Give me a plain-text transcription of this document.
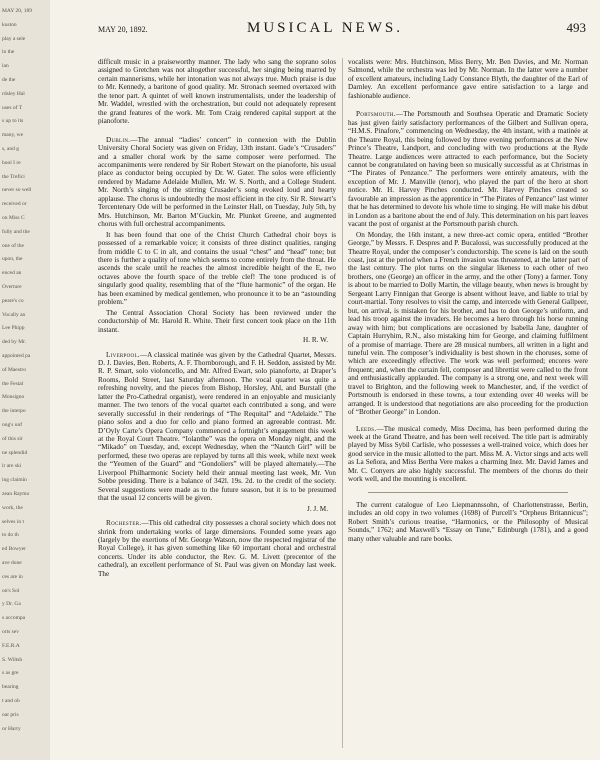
MAY 20, 189
kuston
play a sele
in the
ian
de the
rdsley Hal
uses of T
s up to its
many, we
s, and g
hool I re
the Trefici
never so well
received or
on Miss C
fully and the
one of the
upon, the
enced an
Overture
peare's co
Vocally an
Lee Phipp
ded by Mr.
appointed pa
of Maestro
the Festal
Monsigno
the interpo
ong's unf
of this sir
ne splendid
ir are ski
ing claimin
zean Raymo
work, the
selves in t
to do th
ed Bowyer
ave done
ces are in
on's Sol
y Dr. Ga
s accompa
orts sev
F.E.R.A
S. Wiltsh
s as gre
bearing
t and ob
oar pris
or Harry
MAY 20, 1892.	MUSICAL NEWS.	493

difficult music in a praiseworthy manner. The lady who sang the soprano solos assigned to Gretchen was not altogether successful, her singing being marred by certain mannerisms, while her intonation was not always true. Much praise is due to Mr. Kennedy, a baritone of good quality. Mr. Stronach seemed overtaxed with the tenor part. A quintet of well known instrumentalists, under the leadership of Mr. Waddel, wrestled with the orchestration, but could not adequately represent the grand features of the work. Mr. Tom Craig rendered capital support at the pianoforte.

Dublin.—The annual “ladies’ concert” in connexion with the Dublin University Choral Society was given on Friday, 13th instant. Gade’s “Crusaders” and a smaller choral work by the same composer were performed. The accompaniments were rendered by Sir Robert Stewart on the pianoforte, his usual place as conductor being occupied by Dr. W. Gater. The solos were efficiently rendered by Madame Adelaide Mullen, Mr. W. S. North, and a College Student. Mr. North’s singing of the stirring Crusader’s song evoked loud and hearty applause. The chorus is undoubtedly the most efficient in the city. Sir R. Stewart’s Tercentenary Ode will be performed in the Leinster Hall, on Tuesday, July 5th, by Mrs. Hutchinson, Mr. Barton M’Guckin, Mr. Plunket Greene, and augmented chorus with full orchestral accompaniments.

It has been found that one of the Christ Church Cathedral choir boys is possessed of a remarkable voice; it consists of three distinct qualities, ranging from middle C to C in alt, and contains the usual “chest” and “head” tone; but there is further a quality of tone which seems to come entirely from the throat. He ascends the scale until he reaches the almost incredible height of the E, two octaves above the fourth space of the treble clef! The tone produced is of singularly good quality, resembling that of the “flute harmonic” of the organ. He has been examined by medical gentlemen, who pronounce it to be an “astounding problem.”

The Central Association Choral Society has been reviewed under the conductorship of Mr. Harold R. White. Their first concert took place on the 11th instant.

H. R. W.

Liverpool.—A classical matinée was given by the Cathedral Quartet, Messrs. D. J. Davies, Ben. Roberts, A. F. Thornborough, and F. H. Seddon, assisted by Mr. R. P. Smart, solo violoncello, and Mr. Alfred Ewart, solo pianoforte, at Draper’s Rooms, Bold Street, last Saturday afternoon. The vocal quartet was quite a refreshing novelty, and the pieces from Bishop, Horsley, Ahl, and Burstall (the latter the Pro-Cathedral organist), were rendered in an enjoyable and musicianly manner. The two tenors of the vocal quartet each contributed a song, and were severally successful in their renderings of “The Requital” and “Adelaide.” The piano solos and a duo for cello and piano formed an agreeable contrast. Mr. D’Oyly Carte’s Opera Company commenced a fortnight’s engagement this week at the Royal Court Theatre. “Iolanthe” was the opera on Monday night, and the “Mikado” on Tuesday, and, except Wednesday, when the “Nautch Girl” will be performed, these two operas are replayed by turns all this week, while next week the “Yeomen of the Guard” and “Gondoliers” will be played alternately.—The Liverpool Philharmonic Society held their annual meeting last week, Mr. Von Sobbe presiding. There is a balance of 342l. 19s. 2d. to the credit of the society. Several suggestions were made as to the future season, but it is to be presumed that the usual 12 concerts will be given.

J. J. M.

Rochester.—This old cathedral city possesses a choral society which does not shrink from undertaking works of large dimensions. Founded some years ago (largely by the exertions of Mr. George Watson, now the respected registrar of the Royal College), it has given something like 60 important choral and orchestral concerts. Under its able conductor, the Rev. G. M. Livett (precentor of the cathedral), an excellent performance of St. Paul was given on Monday last week. The

vocalists were: Mrs. Hutchinson, Miss Berry, Mr. Ben Davies, and Mr. Norman Salmond, while the orchestra was led by Mr. Norman. In the latter were a number of excellent amateurs, including Lady Constance Blyth, the daughter of the Earl of Darnley. An excellent performance gave entire satisfaction to a large and fashionable audience.

Portsmouth.—The Portsmouth and Southsea Operatic and Dramatic Society has just given fairly satisfactory performances of the Gilbert and Sullivan opera, “H.M.S. Pinafore,” commencing on Wednesday, the 4th instant, with a matinée at the Theatre Royal, this being followed by three evening performances at the New Prince’s Theatre, Landport, and concluding with two productions at the Ryde Theatre. Large audiences were attracted to each performance, but the Society cannot be congratulated on having been so musically successful as at Christmas in “The Pirates of Penzance.” The performers were entirely amateurs, with the exception of Mr. J. Manville (tenor), who played the part of the hero at short notice. Mr. H. Harvey Pinches conducted. Mr. Harvey Pinches created so favourable an impression as the apprentice in “The Pirates of Penzance” last winter that he has determined to devote his whole time to singing. He will make his début in London as a baritone about the end of July. This determination on his part leaves vacant the post of organist at the Portsmouth parish church.

On Monday, the 16th instant, a new three-act comic opera, entitled “Brother George,” by Messrs. F. Despres and P. Bucalossi, was successfully produced at the Theatre Royal, under the composer’s conductorship. The scene is laid on the south coast, just at the period when a French invasion was threatened, at the latter part of the last century. The plot turns on the singular likeness to each other of two brothers, one (George) an officer in the army, and the other (Tony) a farmer. Tony is about to be married to Dolly Martin, the village beauty, when news is brought by Sergeant Larry Finnigan that George is absent without leave, and liable to trial by court-martial. Tony resolves to visit the camp, and intercede with General Gallpeer, but, on arrival, is mistaken for his brother, and has to don George’s uniform, and lead his troop against the invaders. He becomes a hero through his horse running away with him; but complications are occasioned by Isabella Jane, daughter of Captain Hurryhim, R.N., also mistaking him for George, and claiming fulfilment of a promise of marriage. There are 28 musical numbers, all written in a light and tuneful vein. The composer’s individuality is best shown in the choruses, some of which are exceedingly effective. The work was well performed; encores were frequent; and, when the curtain fell, composer and librettist were called to the front and enthusiastically applauded. The company is a strong one, and next week will travel to Brighton, and the following week to Manchester, and, if the verdict of Portsmouth is endorsed in these towns, a tour extending over 40 weeks will be arranged. It is understood that negotiations are also proceeding for the production of “Brother George” in London.

Leeds.—The musical comedy, Miss Decima, has been performed during the week at the Grand Theatre, and has been well received. The title part is admirably played by Miss Sybil Carlisle, who possesses a well-trained voice, which does her good service in the music allotted to the part. Miss M. A. Victor sings and acts well as La Señora, and Miss Bertha Vere makes a charming Inez. Mr. David James and Mr. C. Conyers are also highly successful. The members of the chorus do their work well, and the mounting is excellent.

The current catalogue of Leo Liepmannssohn, of Charlottenstrasse, Berlin, includes an old copy in two volumes (1698) of Purcell’s “Orpheus Britannicus”; Robert Smith’s curious treatise, “Harmonics, or the Philosophy of Musical Sounds,” 1762; and Maxwell’s “Essay on Tune,” Edinburgh (1781), and a good many other valuable and rare books.
